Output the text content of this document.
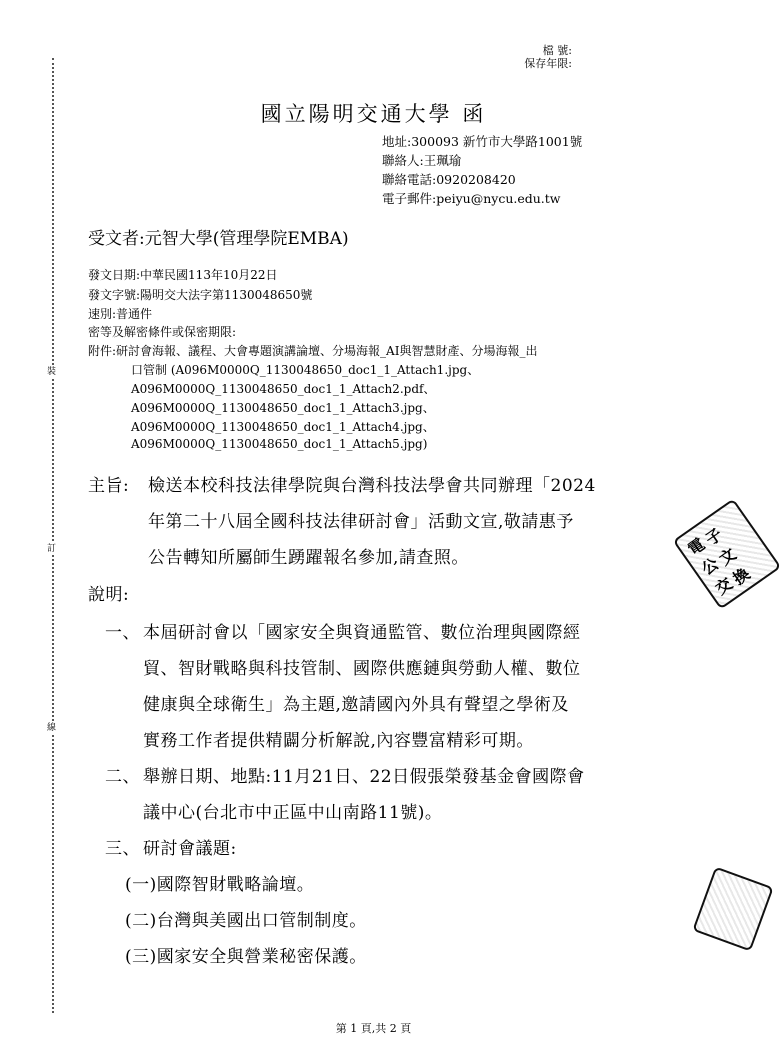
裝
訂
線
檔 號:
保存年限:
國立陽明交通大學 函
地址:300093 新竹市大學路1001號
聯絡人:王珮瑜
聯絡電話:0920208420
電子郵件:peiyu@nycu.edu.tw
受文者:元智大學(管理學院EMBA)
發文日期:中華民國113年10月22日
發文字號:陽明交大法字第1130048650號
速別:普通件
密等及解密條件或保密期限:
附件:研討會海報、議程、大會專題演講論壇、分場海報_AI與智慧財產、分場海報_出
口管制 (A096M0000Q_1130048650_doc1_1_Attach1.jpg、
A096M0000Q_1130048650_doc1_1_Attach2.pdf、
A096M0000Q_1130048650_doc1_1_Attach3.jpg、
A096M0000Q_1130048650_doc1_1_Attach4.jpg、
A096M0000Q_1130048650_doc1_1_Attach5.jpg)
主旨: 檢送本校科技法律學院與台灣科技法學會共同辦理「2024
年第二十八屆全國科技法律研討會」活動文宣,敬請惠予
公告轉知所屬師生踴躍報名參加,請查照。
說明:
一、 本屆研討會以「國家安全與資通監管、數位治理與國際經
貿、智財戰略與科技管制、國際供應鏈與勞動人權、數位
健康與全球衛生」為主題,邀請國內外具有聲望之學術及
實務工作者提供精闢分析解說,內容豐富精彩可期。
二、 舉辦日期、地點:11月21日、22日假張榮發基金會國際會
議中心(台北市中正區中山南路11號)。
三、 研討會議題:
(一)國際智財戰略論壇。
(二)台灣與美國出口管制制度。
(三)國家安全與營業秘密保護。
電
子
公
文
交
換
第 1 頁,共 2 頁
